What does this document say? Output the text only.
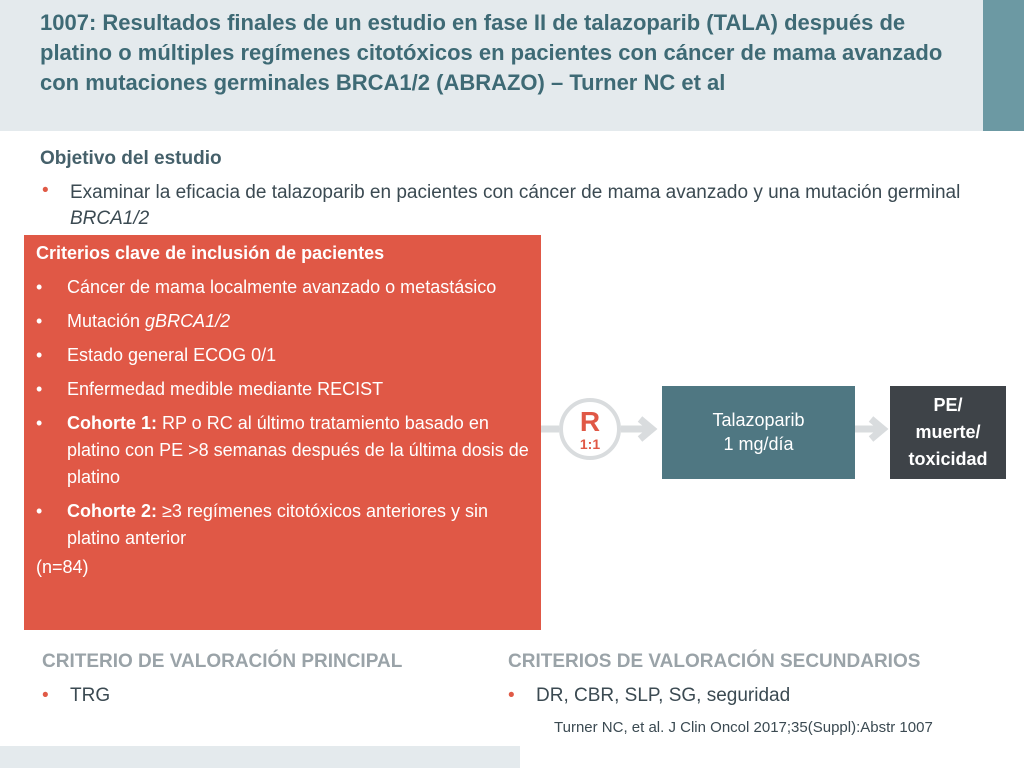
1007: Resultados finales de un estudio en fase II de talazoparib (TALA) después de platino o múltiples regímenes citotóxicos en pacientes con cáncer de mama avanzado con mutaciones germinales BRCA1/2 (ABRAZO) – Turner NC et al
Objetivo del estudio
• Examinar la eficacia de talazoparib en pacientes con cáncer de mama avanzado y una mutación germinal BRCA1/2
Criterios clave de inclusión de pacientes
• Cáncer de mama localmente avanzado o metastásico
• Mutación gBRCA1/2
• Estado general ECOG 0/1
• Enfermedad medible mediante RECIST
• Cohorte 1: RP o RC al último tratamiento basado en platino con PE >8 semanas después de la última dosis de platino
• Cohorte 2: ≥3 regímenes citotóxicos anteriores y sin platino anterior
(n=84)
R
1:1
Talazoparib
1 mg/día
PE/
muerte/
toxicidad
CRITERIO DE VALORACIÓN PRINCIPAL
• TRG
CRITERIOS DE VALORACIÓN SECUNDARIOS
• DR, CBR, SLP, SG, seguridad
Turner NC, et al. J Clin Oncol 2017;35(Suppl):Abstr 1007
